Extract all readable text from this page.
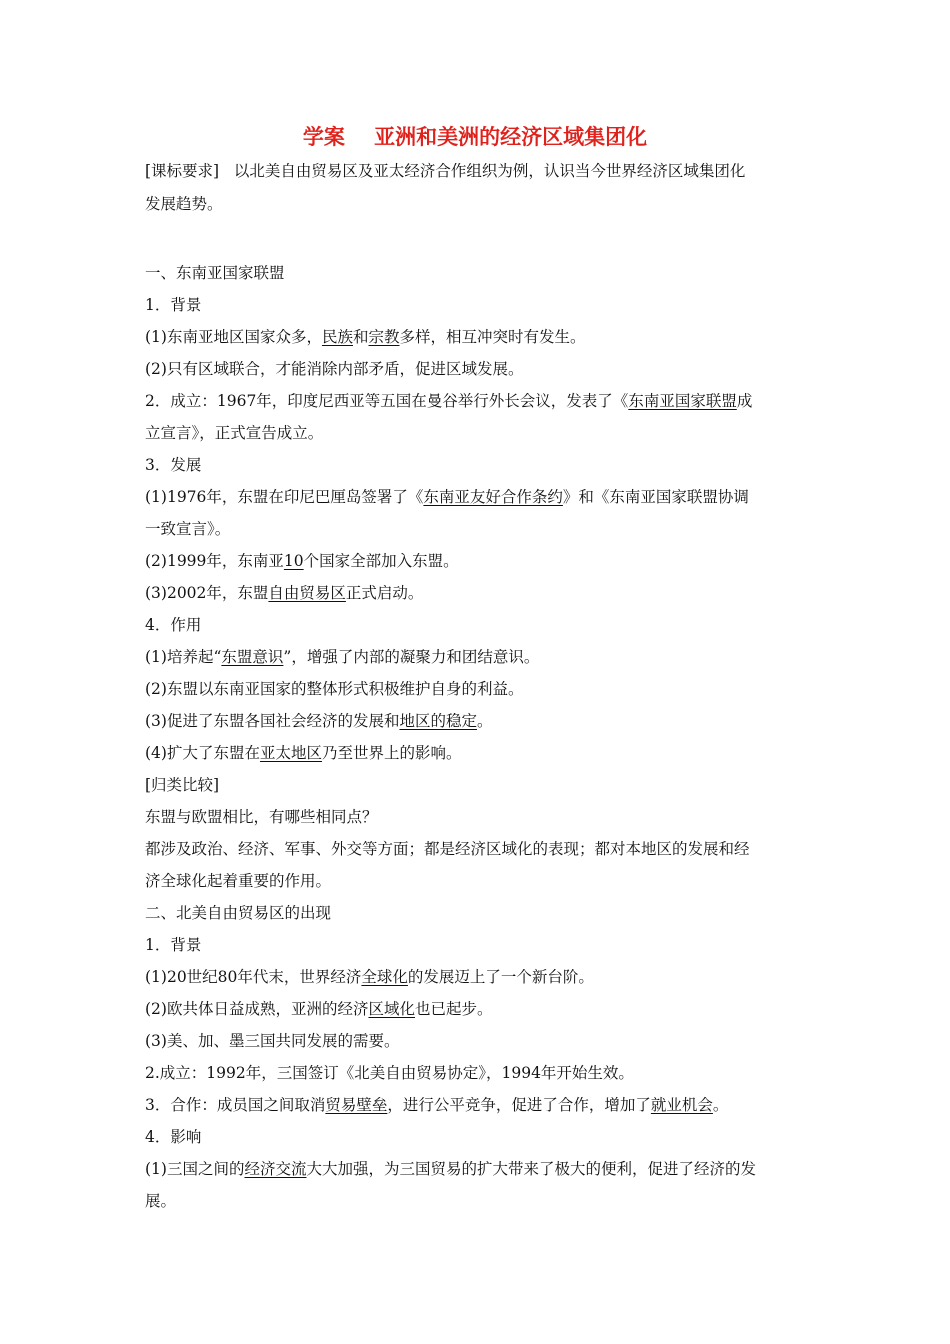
学案    亚洲和美洲的经济区域集团化
[课标要求] 以北美自由贸易区及亚太经济合作组织为例，认识当今世界经济区域集团化
发展趋势。
一、东南亚国家联盟
1．背景
(1)东南亚地区国家众多，民族和宗教多样，相互冲突时有发生。
(2)只有区域联合，才能消除内部矛盾，促进区域发展。
2．成立：1967年，印度尼西亚等五国在曼谷举行外长会议，发表了《东南亚国家联盟成
立宣言》，正式宣告成立。
3．发展
(1)1976年，东盟在印尼巴厘岛签署了《东南亚友好合作条约》和《东南亚国家联盟协调
一致宣言》。
(2)1999年，东南亚10个国家全部加入东盟。
(3)2002年，东盟自由贸易区正式启动。
4．作用
(1)培养起“东盟意识”，增强了内部的凝聚力和团结意识。
(2)东盟以东南亚国家的整体形式积极维护自身的利益。
(3)促进了东盟各国社会经济的发展和地区的稳定。
(4)扩大了东盟在亚太地区乃至世界上的影响。
[归类比较]
东盟与欧盟相比，有哪些相同点？
都涉及政治、经济、军事、外交等方面；都是经济区域化的表现；都对本地区的发展和经
济全球化起着重要的作用。
二、北美自由贸易区的出现
1．背景
(1)20世纪80年代末，世界经济全球化的发展迈上了一个新台阶。
(2)欧共体日益成熟，亚洲的经济区域化也已起步。
(3)美、加、墨三国共同发展的需要。
2.成立：1992年，三国签订《北美自由贸易协定》，1994年开始生效。
3．合作：成员国之间取消贸易壁垒，进行公平竞争，促进了合作，增加了就业机会。
4．影响
(1)三国之间的经济交流大大加强，为三国贸易的扩大带来了极大的便利，促进了经济的发
展。
